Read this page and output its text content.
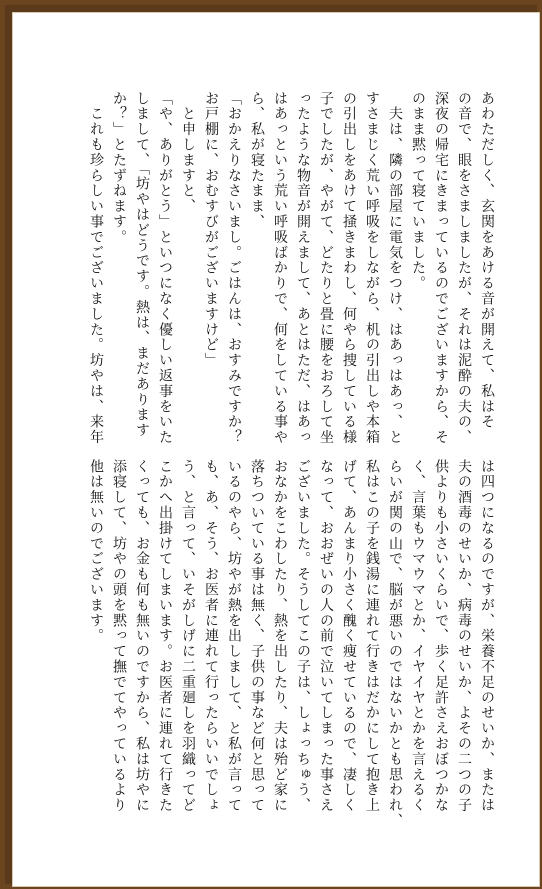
あわただしく、玄関をあける音が開えて、私はそ
の音で、眼をさましましたが、それは泥酔の夫の、
深夜の帰宅にきまっているのでございますから、そ
のまま黙って寝ていました。
　夫は、隣の部屋に電気をつけ、はあっはあっ、と
すさまじく荒い呼吸をしながら、机の引出しや本箱
の引出しをあけて掻きまわし、何やら捜している様
子でしたが、やがて、どたりと畳に腰をおろして坐
ったような物音が開えまして、あとはただ、はあっ
はあっという荒い呼吸ばかりで、何をしている事や
ら、私が寝たまま、
「おかえりなさいまし。ごはんは、おすみですか？
お戸棚に、おむすびがございますけど」
　と申しますと、
「や、ありがとう」といつになく優しい返事をいた
しまして、「坊やはどうです。熱は、まだあります
か？」とたずねます。
　これも珍らしい事でございました。坊やは、来年
は四つになるのですが、栄養不足のせいか、または
夫の酒毒のせいか、病毒のせいか、よその二つの子
供よりも小さいくらいで、歩く足許さえおぼつかな
く、言葉もウマウマとか、イヤイヤとかを言えるく
らいが関の山で、脳が悪いのではないかとも思われ、
私はこの子を銭湯に連れて行きはだかにして抱き上
げて、あんまり小さく醜く痩せているので、凄しく
なって、おおぜいの人の前で泣いてしまった事さえ
ございました。そうしてこの子は、しょっちゅう、
おなかをこわしたり、熱を出したり、夫は殆ど家に
落ちついている事は無く、子供の事など何と思って
いるのやら、坊やが熱を出しまして、と私が言って
も、あ、そう、お医者に連れて行ったらいいでしょ
う、と言って、いそがしげに二重廻しを羽織ってど
こかへ出掛けてしまいます。お医者に連れて行きた
くっても、お金も何も無いのですから、私は坊やに
添寝して、坊やの頭を黙って撫でてやっているより
他は無いのでございます。
